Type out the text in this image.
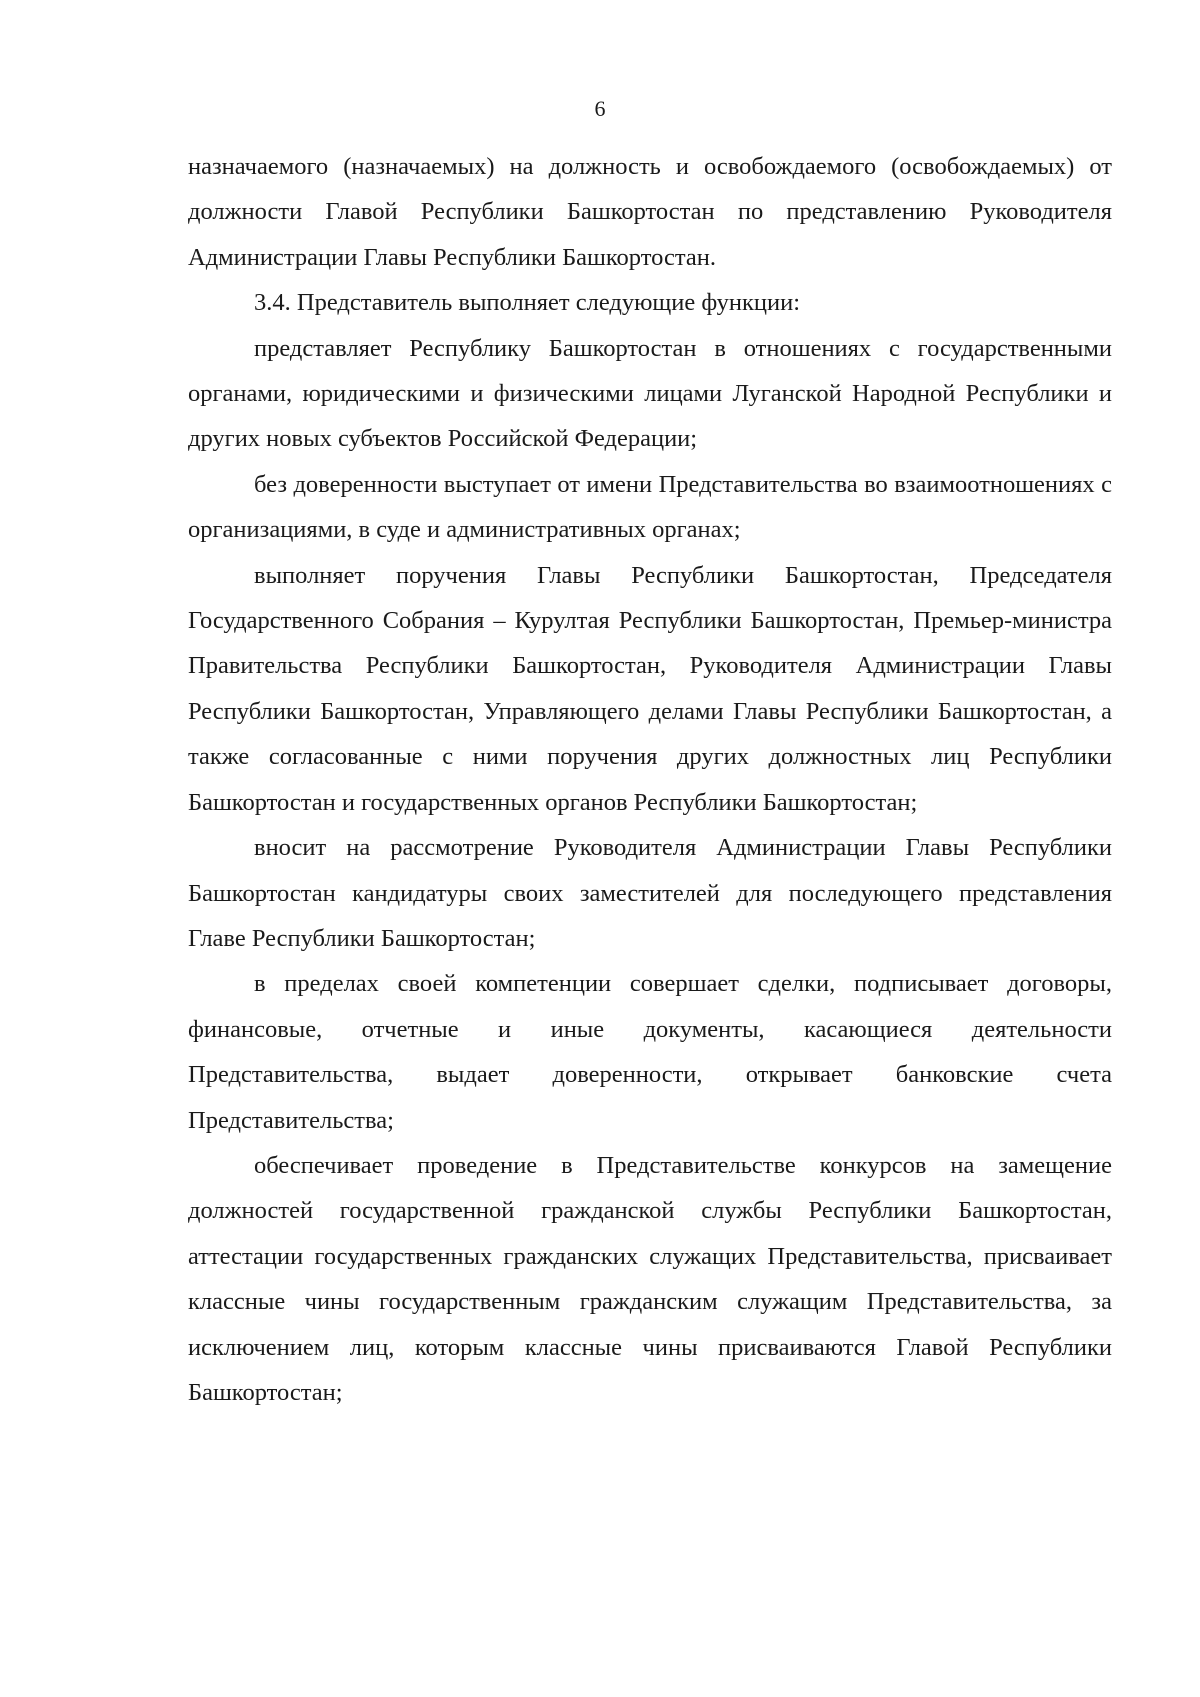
6

назначаемого (назначаемых) на должность и освобождаемого (освобождаемых) от должности Главой Республики Башкортостан по представлению Руководителя Администрации Главы Республики Башкортостан.

3.4. Представитель выполняет следующие функции:

представляет Республику Башкортостан в отношениях с государственными органами, юридическими и физическими лицами Луганской Народной Республики и других новых субъектов Российской Федерации;

без доверенности выступает от имени Представительства во взаимоотношениях с организациями, в суде и административных органах;

выполняет поручения Главы Республики Башкортостан, Председателя Государственного Собрания – Курултая Республики Башкортостан, Премьер-министра Правительства Республики Башкортостан, Руководителя Администрации Главы Республики Башкортостан, Управляющего делами Главы Республики Башкортостан, а также согласованные с ними поручения других должностных лиц Республики Башкортостан и государственных органов Республики Башкортостан;

вносит на рассмотрение Руководителя Администрации Главы Республики Башкортостан кандидатуры своих заместителей для последующего представления Главе Республики Башкортостан;

в пределах своей компетенции совершает сделки, подписывает договоры, финансовые, отчетные и иные документы, касающиеся деятельности Представительства, выдает доверенности, открывает банковские счета Представительства;

обеспечивает проведение в Представительстве конкурсов на замещение должностей государственной гражданской службы Республики Башкортостан, аттестации государственных гражданских служащих Представительства, присваивает классные чины государственным гражданским служащим Представительства, за исключением лиц, которым классные чины присваиваются Главой Республики Башкортостан;
